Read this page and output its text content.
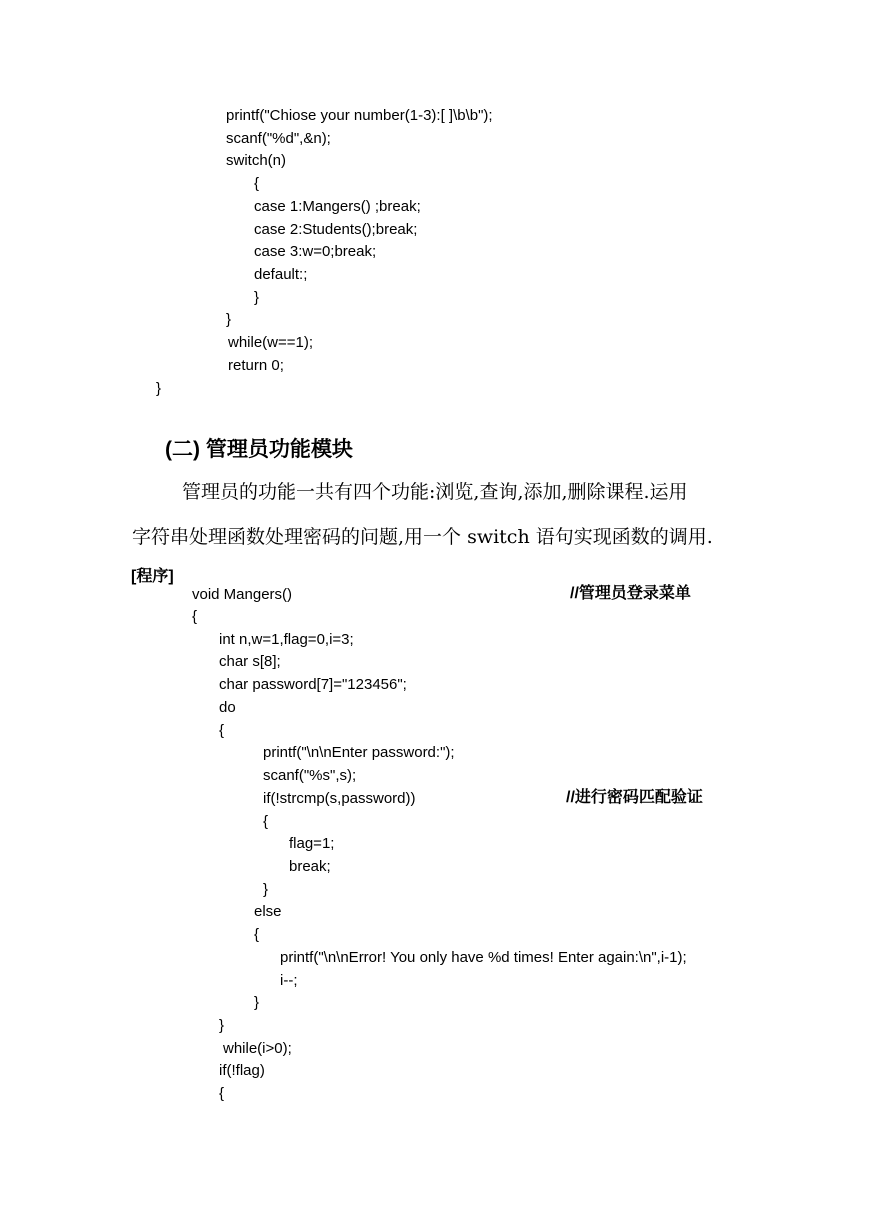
printf("Chiose your number(1-3):[ ]\b\b");
scanf("%d",&n);
switch(n)
{
case 1:Mangers() ;break;
case 2:Students();break;
case 3:w=0;break;
default:;
}
}
while(w==1);
return 0;
}
(二) 管理员功能模块
管理员的功能一共有四个功能:浏览,查询,添加,删除课程.运用
字符串处理函数处理密码的问题,用一个 switch 语句实现函数的调用.
[程序]
void Mangers()	//管理员登录菜单
{
int n,w=1,flag=0,i=3;
char s[8];
char password[7]="123456";
do
{
printf("\n\nEnter password:");
scanf("%s",s);
if(!strcmp(s,password))	//进行密码匹配验证
{
flag=1;
break;
}
else
{
printf("\n\nError! You only have %d times! Enter again:\n",i-1);
i--;
}
}
while(i>0);
if(!flag)
{
